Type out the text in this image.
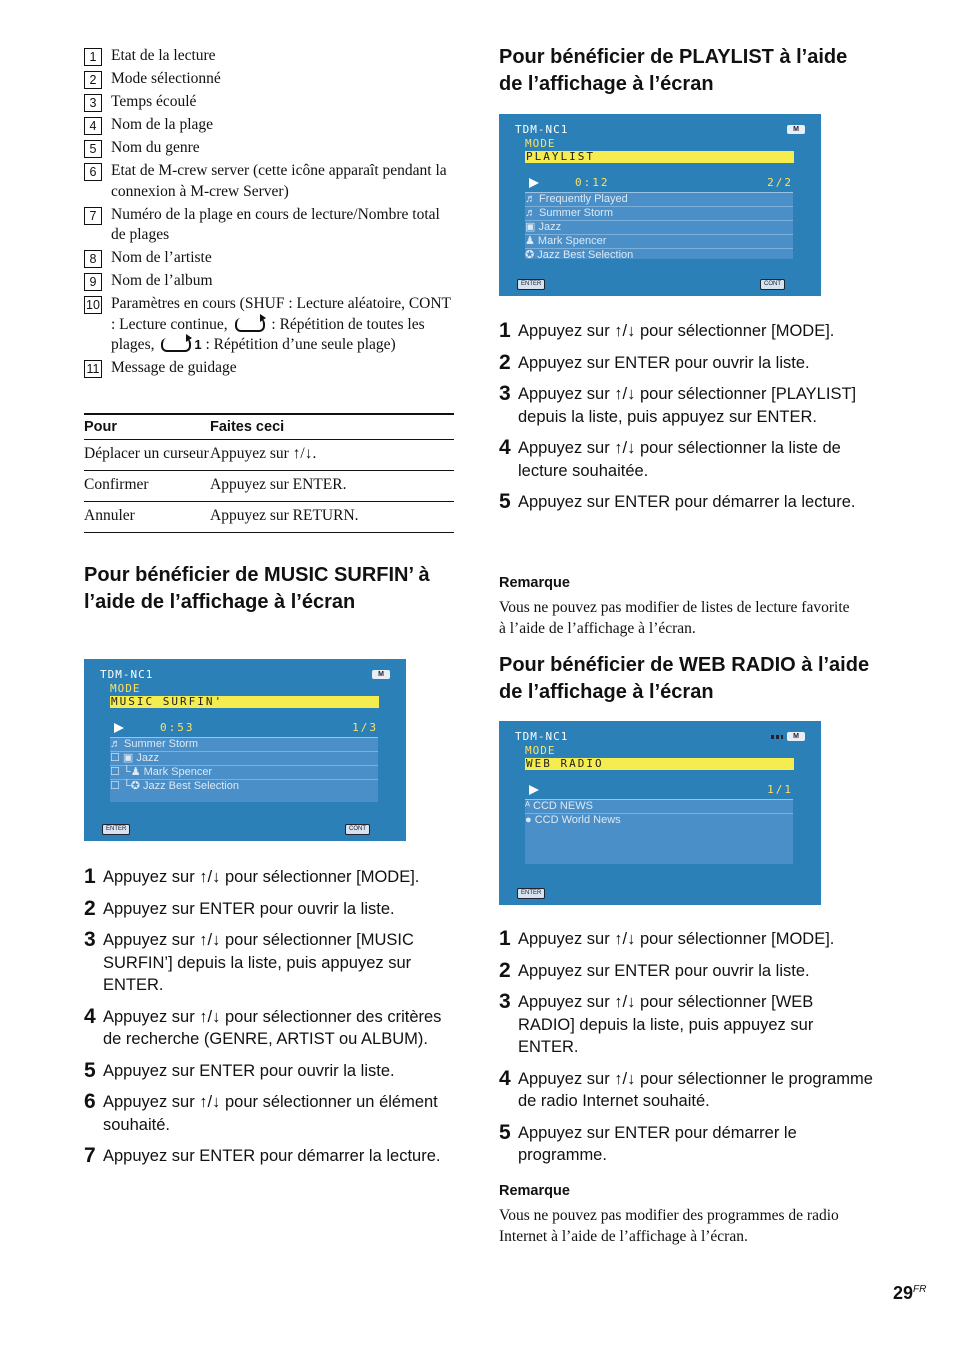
1 Etat de la lecture
2 Mode sélectionné
3 Temps écoulé
4 Nom de la plage
5 Nom du genre
6 Etat de M-crew server (cette icône apparaît pendant la connexion à M-crew Server)
7 Numéro de la plage en cours de lecture/Nombre total de plages
8 Nom de l’artiste
9 Nom de l’album
10 Paramètres en cours (SHUF : Lecture aléatoire, CONT : Lecture continue,	: Répétition de toutes les plages,	1 : Répétition d’une seule plage)
11 Message de guidage
Pour	Faites ceci
Déplacer un curseur	Appuyez sur ↑/↓.
Confirmer	Appuyez sur ENTER.
Annuler	Appuyez sur RETURN.
Pour bénéficier de MUSIC SURFIN’ à l’aide de l’affichage à l’écran
TDM-NC1	M
MODE
MUSIC SURFIN'
0:53	1/3
♬ Summer Storm
☐ ▣ Jazz
☐ └♟ Mark Spencer
☐ └✪ Jazz Best Selection
ENTER	CONT
1 Appuyez sur ↑/↓ pour sélectionner [MODE].
2 Appuyez sur ENTER pour ouvrir la liste.
3 Appuyez sur ↑/↓ pour sélectionner [MUSIC SURFIN’] depuis la liste, puis appuyez sur ENTER.
4 Appuyez sur ↑/↓ pour sélectionner des critères de recherche (GENRE, ARTIST ou ALBUM).
5 Appuyez sur ENTER pour ouvrir la liste.
6 Appuyez sur ↑/↓ pour sélectionner un élément souhaité.
7 Appuyez sur ENTER pour démarrer la lecture.
Pour bénéficier de PLAYLIST à l’aide de l’affichage à l’écran
TDM-NC1	M
MODE
PLAYLIST
0:12	2/2
♬ Frequently Played
♬ Summer Storm
▣ Jazz
♟ Mark Spencer
✪ Jazz Best Selection
ENTER	CONT
1 Appuyez sur ↑/↓ pour sélectionner [MODE].
2 Appuyez sur ENTER pour ouvrir la liste.
3 Appuyez sur ↑/↓ pour sélectionner [PLAYLIST] depuis la liste, puis appuyez sur ENTER.
4 Appuyez sur ↑/↓ pour sélectionner la liste de lecture souhaitée.
5 Appuyez sur ENTER pour démarrer la lecture.
Remarque
Vous ne pouvez pas modifier de listes de lecture favorite à l’aide de l’affichage à l’écran.
Pour bénéficier de WEB RADIO à l’aide de l’affichage à l’écran
TDM-NC1	M
MODE
WEB RADIO
1/1
ᴬ CCD NEWS
● CCD World News
ENTER
1 Appuyez sur ↑/↓ pour sélectionner [MODE].
2 Appuyez sur ENTER pour ouvrir la liste.
3 Appuyez sur ↑/↓ pour sélectionner [WEB RADIO] depuis la liste, puis appuyez sur ENTER.
4 Appuyez sur ↑/↓ pour sélectionner le programme de radio Internet souhaité.
5 Appuyez sur ENTER pour démarrer le programme.
Remarque
Vous ne pouvez pas modifier des programmes de radio Internet à l’aide de l’affichage à l’écran.
$29^{FR}$
